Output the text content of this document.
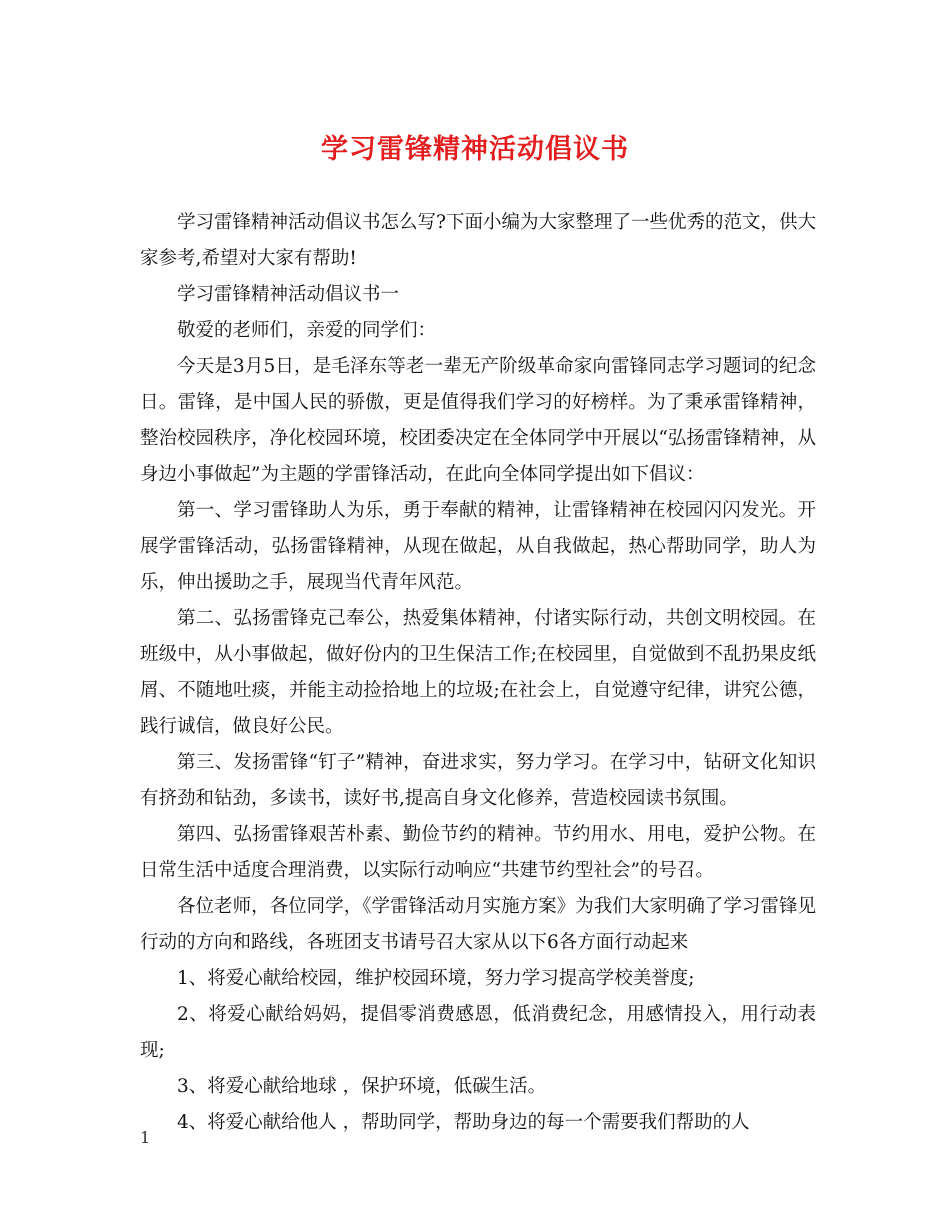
学习雷锋精神活动倡议书

学习雷锋精神活动倡议书怎么写?下面小编为大家整理了一些优秀的范文，供大家参考,希望对大家有帮助!

学习雷锋精神活动倡议书一

敬爱的老师们，亲爱的同学们：

今天是3月5日，是毛泽东等老一辈无产阶级革命家向雷锋同志学习题词的纪念日。雷锋，是中国人民的骄傲，更是值得我们学习的好榜样。为了秉承雷锋精神，整治校园秩序，净化校园环境，校团委决定在全体同学中开展以“弘扬雷锋精神，从身边小事做起”为主题的学雷锋活动，在此向全体同学提出如下倡议：

第一、学习雷锋助人为乐，勇于奉献的精神，让雷锋精神在校园闪闪发光。开展学雷锋活动，弘扬雷锋精神，从现在做起，从自我做起，热心帮助同学，助人为乐，伸出援助之手，展现当代青年风范。

第二、弘扬雷锋克己奉公，热爱集体精神，付诸实际行动，共创文明校园。在班级中，从小事做起，做好份内的卫生保洁工作;在校园里，自觉做到不乱扔果皮纸屑、不随地吐痰，并能主动捡拾地上的垃圾;在社会上，自觉遵守纪律，讲究公德，践行诚信，做良好公民。

第三、发扬雷锋“钉子”精神，奋进求实，努力学习。在学习中，钻研文化知识有挤劲和钻劲，多读书，读好书,提高自身文化修养，营造校园读书氛围。

第四、弘扬雷锋艰苦朴素、勤俭节约的精神。节约用水、用电，爱护公物。在日常生活中适度合理消费，以实际行动响应“共建节约型社会”的号召。

各位老师，各位同学，《学雷锋活动月实施方案》为我们大家明确了学习雷锋见行动的方向和路线，各班团支书请号召大家从以下6各方面行动起来

1、将爱心献给校园，维护校园环境，努力学习提高学校美誉度;

2、将爱心献给妈妈，提倡零消费感恩，低消费纪念，用感情投入，用行动表现;

3、将爱心献给地球 ，保护环境，低碳生活。

4、将爱心献给他人 ，帮助同学，帮助身边的每一个需要我们帮助的人

1
